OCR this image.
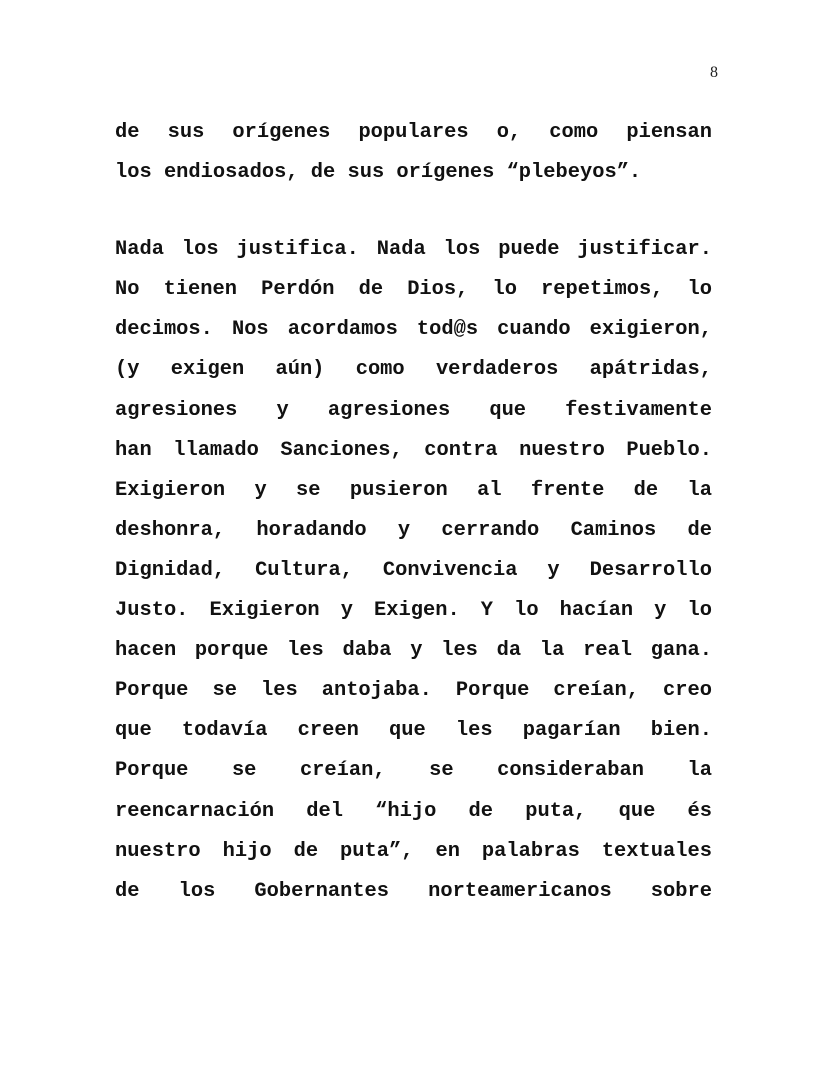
8
de sus orígenes populares o, como piensan
los endiosados, de sus orígenes “plebeyos”.
Nada los justifica. Nada los puede justificar.
No tienen Perdón de Dios, lo repetimos, lo
decimos. Nos acordamos tod@s cuando exigieron,
(y exigen aún) como verdaderos apátridas,
agresiones y agresiones que festivamente
han llamado Sanciones, contra nuestro Pueblo.
Exigieron y se pusieron al frente de la
deshonra, horadando y cerrando Caminos de
Dignidad, Cultura, Convivencia y Desarrollo
Justo. Exigieron y Exigen. Y lo hacían y lo
hacen porque les daba y les da la real gana.
Porque se les antojaba. Porque creían, creo
que todavía creen que les pagarían bien.
Porque se creían, se consideraban la
reencarnación del “hijo de puta, que és
nuestro hijo de puta”, en palabras textuales
de los Gobernantes norteamericanos sobre
